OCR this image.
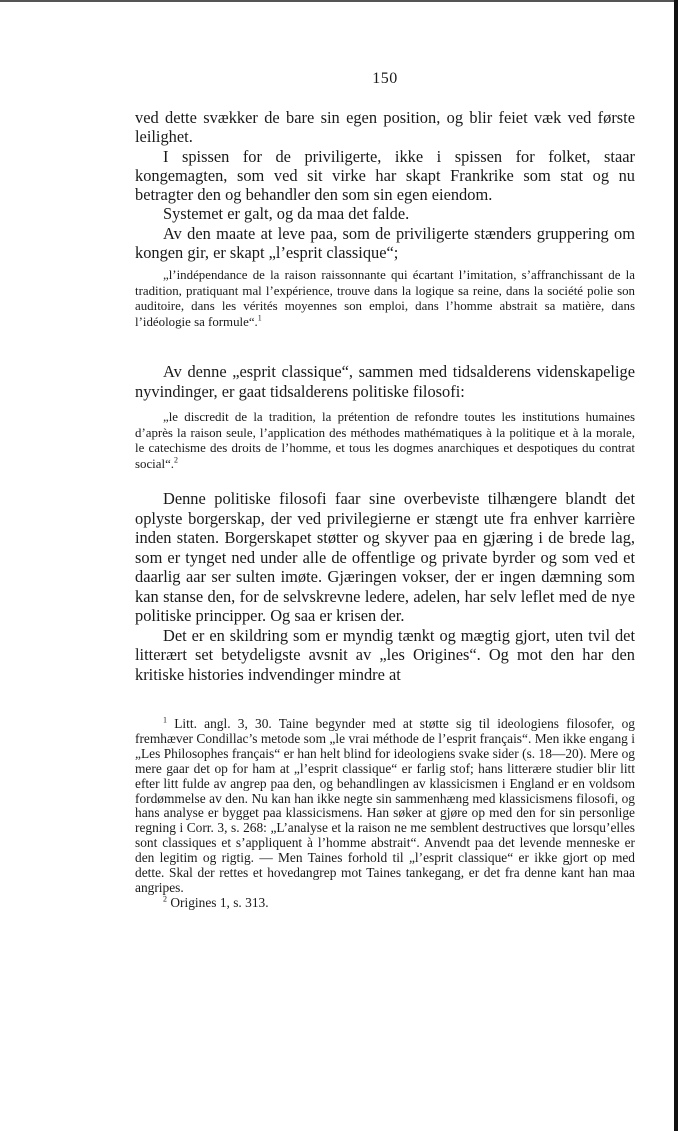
150

ved dette svækker de bare sin egen position, og blir feiet væk ved første leilighet.

I spissen for de priviligerte, ikke i spissen for folket, staar kongemagten, som ved sit virke har skapt Frankrike som stat og nu betragter den og behandler den som sin egen eiendom.

Systemet er galt, og da maa det falde.

Av den maate at leve paa, som de priviligerte stænders gruppering om kongen gir, er skapt „l’esprit classique“;

„l’indépendance de la raison raissonnante qui écartant l’imitation, s’affranchissant de la tradition, pratiquant mal l’expérience, trouve dans la logique sa reine, dans la société polie son auditoire, dans les vérités moyennes son emploi, dans l’homme abstrait sa matière, dans l’idéologie sa formule“.$^1$

Av denne „esprit classique“, sammen med tidsalderens videnskapelige nyvindinger, er gaat tidsalderens politiske filosofi:

„le discredit de la tradition, la prétention de refondre toutes les institutions humaines d’après la raison seule, l’application des méthodes mathématiques à la politique et à la morale, le catechisme des droits de l’homme, et tous les dogmes anarchiques et despotiques du contrat social“.$^2$

Denne politiske filosofi faar sine overbeviste tilhængere blandt det oplyste borgerskap, der ved privilegierne er stængt ute fra enhver karrière inden staten. Borgerskapet støtter og skyver paa en gjæring i de brede lag, som er tynget ned under alle de offentlige og private byrder og som ved et daarlig aar ser sulten imøte. Gjæringen vokser, der er ingen dæmning som kan stanse den, for de selvskrevne ledere, adelen, har selv leflet med de nye politiske principper. Og saa er krisen der.

Det er en skildring som er myndig tænkt og mægtig gjort, uten tvil det litterært set betydeligste avsnit av „les Origines“. Og mot den har den kritiske histories indvendinger mindre at

$^1$ Litt. angl. 3, 30. Taine begynder med at støtte sig til ideologiens filosofer, og fremhæver Condillac’s metode som „le vrai méthode de l’esprit français“. Men ikke engang i „Les Philosophes français“ er han helt blind for ideologiens svake sider (s. 18—20). Mere og mere gaar det op for ham at „l’esprit classique“ er farlig stof; hans litterære studier blir litt efter litt fulde av angrep paa den, og behandlingen av klassicismen i England er en voldsom fordømmelse av den. Nu kan han ikke negte sin sammenhæng med klassicismens filosofi, og hans analyse er bygget paa klassicismens. Han søker at gjøre op med den for sin personlige regning i Corr. 3, s. 268: „L’analyse et la raison ne me semblent destructives que lorsqu’elles sont classiques et s’appliquent à l’homme abstrait“. Anvendt paa det levende menneske er den legitim og rigtig. — Men Taines forhold til „l’esprit classique“ er ikke gjort op med dette. Skal der rettes et hovedangrep mot Taines tankegang, er det fra denne kant han maa angripes.

$^2$ Origines 1, s. 313.
